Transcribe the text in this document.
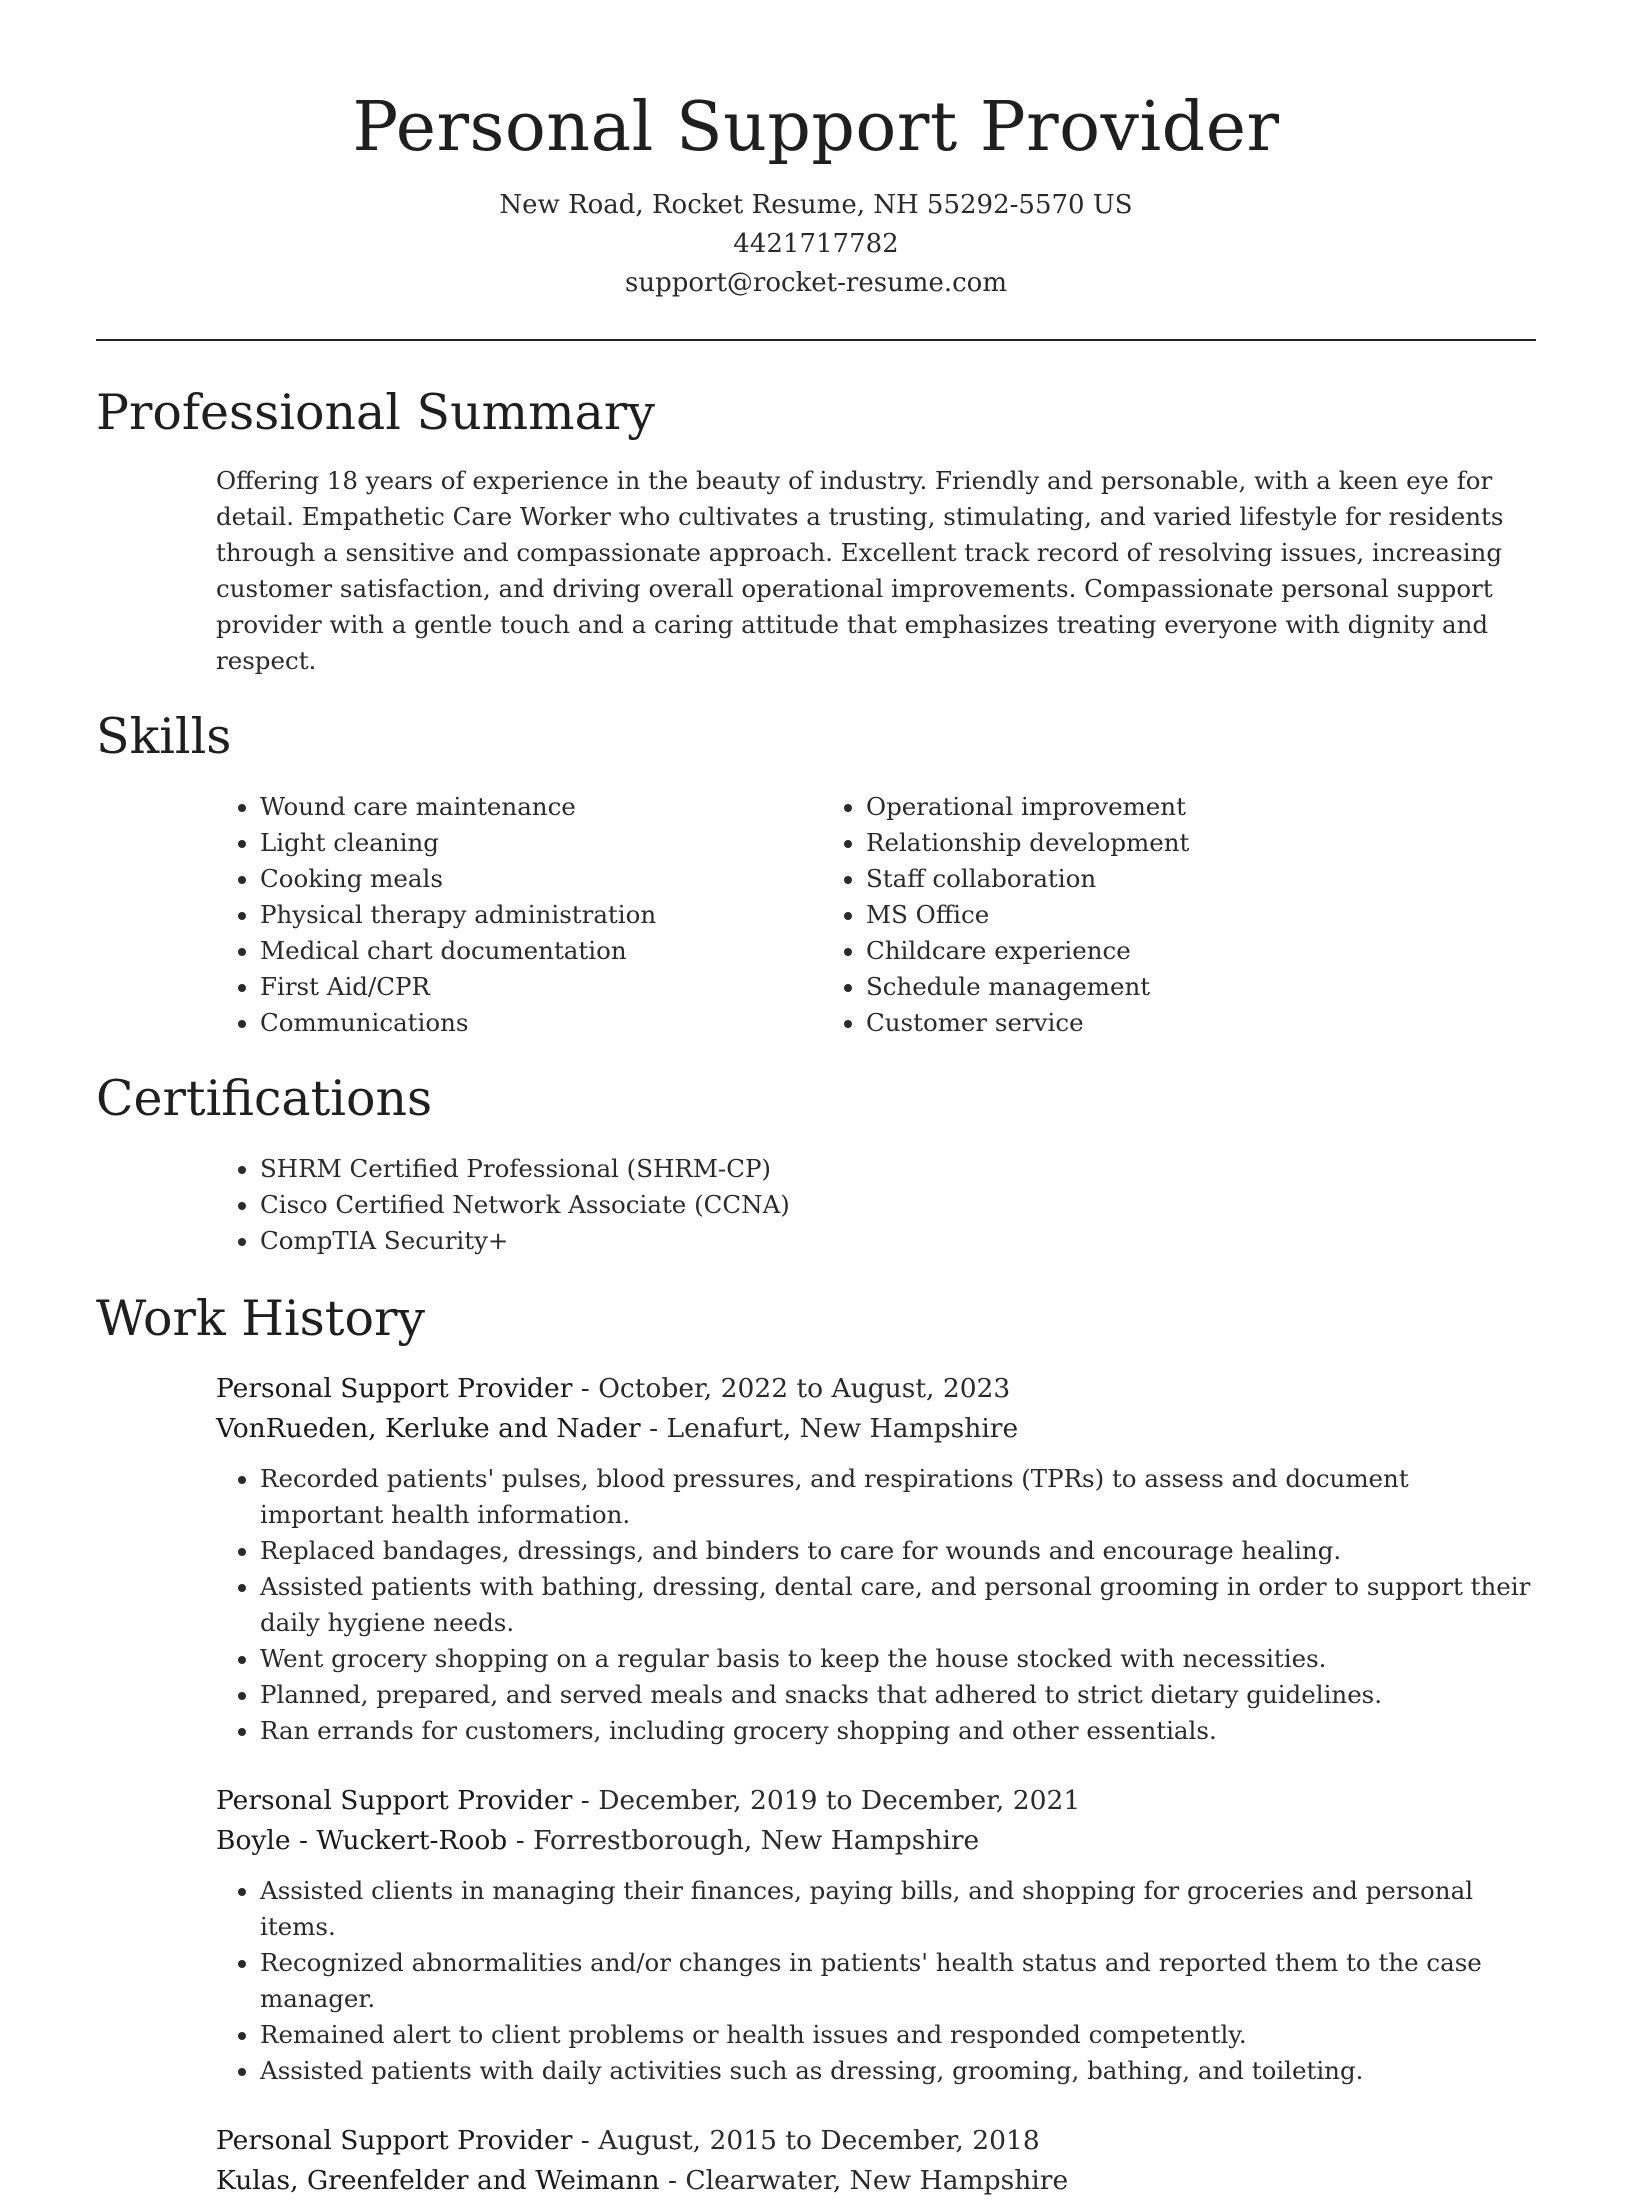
Personal Support Provider
New Road, Rocket Resume, NH 55292-5570 US
4421717782
support@rocket-resume.com
Professional Summary

Offering 18 years of experience in the beauty of industry. Friendly and personable, with a keen eye for detail. Empathetic Care Worker who cultivates a trusting, stimulating, and varied lifestyle for residents through a sensitive and compassionate approach. Excellent track record of resolving issues, increasing customer satisfaction, and driving overall operational improvements. Compassionate personal support provider with a gentle touch and a caring attitude that emphasizes treating everyone with dignity and respect.

Skills
• Wound care maintenance
• Light cleaning
• Cooking meals
• Physical therapy administration
• Medical chart documentation
• First Aid/CPR
• Communications
• Operational improvement
• Relationship development
• Staff collaboration
• MS Office
• Childcare experience
• Schedule management
• Customer service
Certifications
• SHRM Certified Professional (SHRM-CP)
• Cisco Certified Network Associate (CCNA)
• CompTIA Security+
Work History
Personal Support Provider - October, 2022 to August, 2023
VonRueden, Kerluke and Nader - Lenafurt, New Hampshire
• Recorded patients' pulses, blood pressures, and respirations (TPRs) to assess and document important health information.
• Replaced bandages, dressings, and binders to care for wounds and encourage healing.
• Assisted patients with bathing, dressing, dental care, and personal grooming in order to support their daily hygiene needs.
• Went grocery shopping on a regular basis to keep the house stocked with necessities.
• Planned, prepared, and served meals and snacks that adhered to strict dietary guidelines.
• Ran errands for customers, including grocery shopping and other essentials.
Personal Support Provider - December, 2019 to December, 2021
Boyle - Wuckert-Roob - Forrestborough, New Hampshire
• Assisted clients in managing their finances, paying bills, and shopping for groceries and personal items.
• Recognized abnormalities and/or changes in patients' health status and reported them to the case manager.
• Remained alert to client problems or health issues and responded competently.
• Assisted patients with daily activities such as dressing, grooming, bathing, and toileting.
Personal Support Provider - August, 2015 to December, 2018
Kulas, Greenfelder and Weimann - Clearwater, New Hampshire
